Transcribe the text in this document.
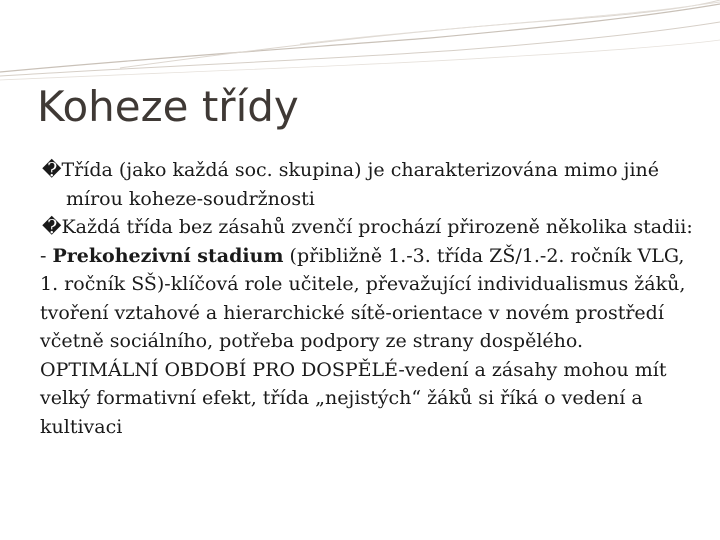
Koheze třídy

�Třída (jako každá soc. skupina) je charakterizována mimo jiné mírou koheze-soudržnosti

�Každá třída bez zásahů zvenčí prochází přirozeně několika stadii:

- Prekohezivní stadium (přibližně 1.-3. třída ZŠ/1.-2. ročník VLG, 1. ročník SŠ)-klíčová role učitele, převažující individualismus žáků, tvoření vztahové a hierarchické sítě-orientace v novém prostředí včetně sociálního, potřeba podpory ze strany dospělého. OPTIMÁLNÍ OBDOBÍ PRO DOSPĚLÉ-vedení a zásahy mohou mít velký formativní efekt, třída „nejistých“ žáků si říká o vedení a kultivaci
